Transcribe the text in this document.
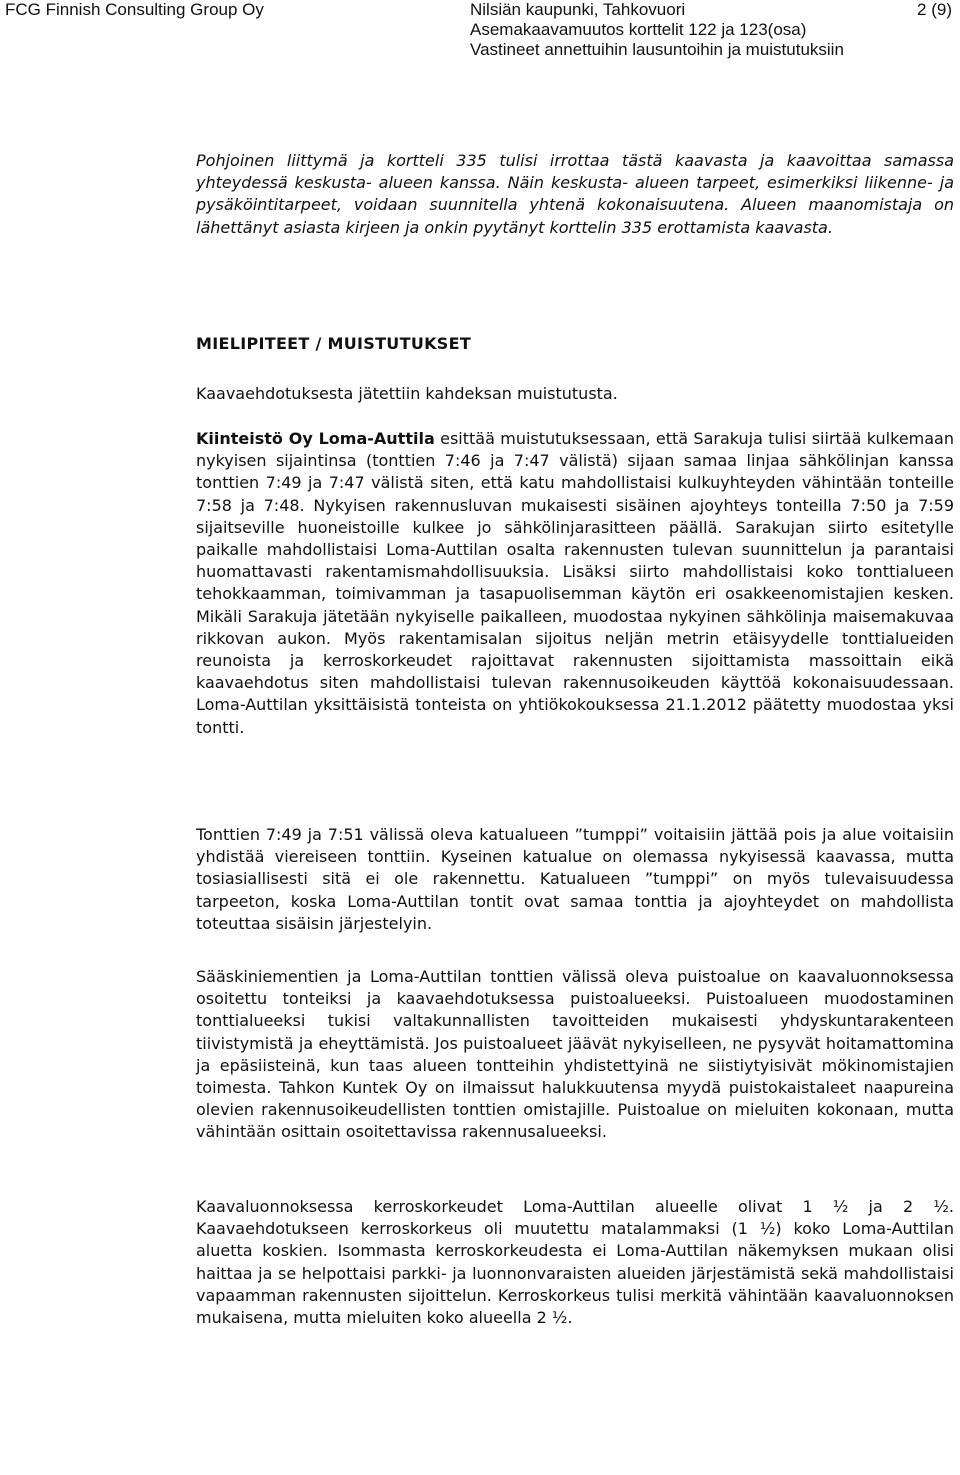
FCG Finnish Consulting Group Oy	Nilsiän kaupunki, Tahkovuori
Asemakaavamuutos korttelit 122 ja 123(osa)
Vastineet annettuihin lausuntoihin ja muistutuksiin
2 (9)

Pohjoinen liittymä ja kortteli 335 tulisi irrottaa tästä kaavasta ja kaavoittaa samassa yhteydessä keskusta- alueen kanssa. Näin keskusta- alueen tarpeet, esimerkiksi liikenne- ja pysäköintitarpeet, voidaan suunnitella yhtenä kokonaisuutena. Alueen maanomistaja on lähettänyt asiasta kirjeen ja onkin pyytänyt korttelin 335 erottamista kaavasta.

MIELIPITEET / MUISTUTUKSET
Kaavaehdotuksesta jätettiin kahdeksan muistutusta.

Kiinteistö Oy Loma-Auttila esittää muistutuksessaan, että Sarakuja tulisi siirtää kulkemaan nykyisen sijaintinsa (tonttien 7:46 ja 7:47 välistä) sijaan samaa linjaa sähkölinjan kanssa tonttien 7:49 ja 7:47 välistä siten, että katu mahdollistaisi kulkuyhteyden vähintään tonteille 7:58 ja 7:48. Nykyisen rakennusluvan mukaisesti sisäinen ajoyhteys tonteilla 7:50 ja 7:59 sijaitseville huoneistoille kulkee jo sähkölinjarasitteen päällä. Sarakujan siirto esitetylle paikalle mahdollistaisi Loma-Auttilan osalta rakennusten tulevan suunnittelun ja parantaisi huomattavasti rakentamismahdollisuuksia. Lisäksi siirto mahdollistaisi koko tonttialueen tehokkaamman, toimivamman ja tasapuolisemman käytön eri osakkeenomistajien kesken. Mikäli Sarakuja jätetään nykyiselle paikalleen, muodostaa nykyinen sähkölinja maisemakuvaa rikkovan aukon. Myös rakentamisalan sijoitus neljän metrin etäisyydelle tonttialueiden reunoista ja kerroskorkeudet rajoittavat rakennusten sijoittamista massoittain eikä kaavaehdotus siten mahdollistaisi tulevan rakennusoikeuden käyttöä kokonaisuudessaan. Loma-Auttilan yksittäisistä tonteista on yhtiökokouksessa 21.1.2012 päätetty muodostaa yksi tontti.

Tonttien 7:49 ja 7:51 välissä oleva katualueen ”tumppi” voitaisiin jättää pois ja alue voitaisiin yhdistää viereiseen tonttiin. Kyseinen katualue on olemassa nykyisessä kaavassa, mutta tosiasiallisesti sitä ei ole rakennettu. Katualueen ”tumppi” on myös tulevaisuudessa tarpeeton, koska Loma-Auttilan tontit ovat samaa tonttia ja ajoyhteydet on mahdollista toteuttaa sisäisin järjestelyin.

Sääskiniementien ja Loma-Auttilan tonttien välissä oleva puistoalue on kaavaluonnoksessa osoitettu tonteiksi ja kaavaehdotuksessa puistoalueeksi. Puistoalueen muodostaminen tonttialueeksi tukisi valtakunnallisten tavoitteiden mukaisesti yhdyskuntarakenteen tiivistymistä ja eheyttämistä. Jos puistoalueet jäävät nykyiselleen, ne pysyvät hoitamattomina ja epäsiisteinä, kun taas alueen tontteihin yhdistettyinä ne siistiytyisivät mökinomistajien toimesta. Tahkon Kuntek Oy on ilmaissut halukkuutensa myydä puistokaistaleet naapureina olevien rakennusoikeudellisten tonttien omistajille. Puistoalue on mieluiten kokonaan, mutta vähintään osittain osoitettavissa rakennusalueeksi.

Kaavaluonnoksessa kerroskorkeudet Loma-Auttilan alueelle olivat 1 ½ ja 2 ½. Kaavaehdotukseen kerroskorkeus oli muutettu matalammaksi (1 ½) koko Loma-Auttilan aluetta koskien. Isommasta kerroskorkeudesta ei Loma-Auttilan näkemyksen mukaan olisi haittaa ja se helpottaisi parkki- ja luonnonvaraisten alueiden järjestämistä sekä mahdollistaisi vapaamman rakennusten sijoittelun. Kerroskorkeus tulisi merkitä vähintään kaavaluonnoksen mukaisena, mutta mieluiten koko alueella 2 ½.
